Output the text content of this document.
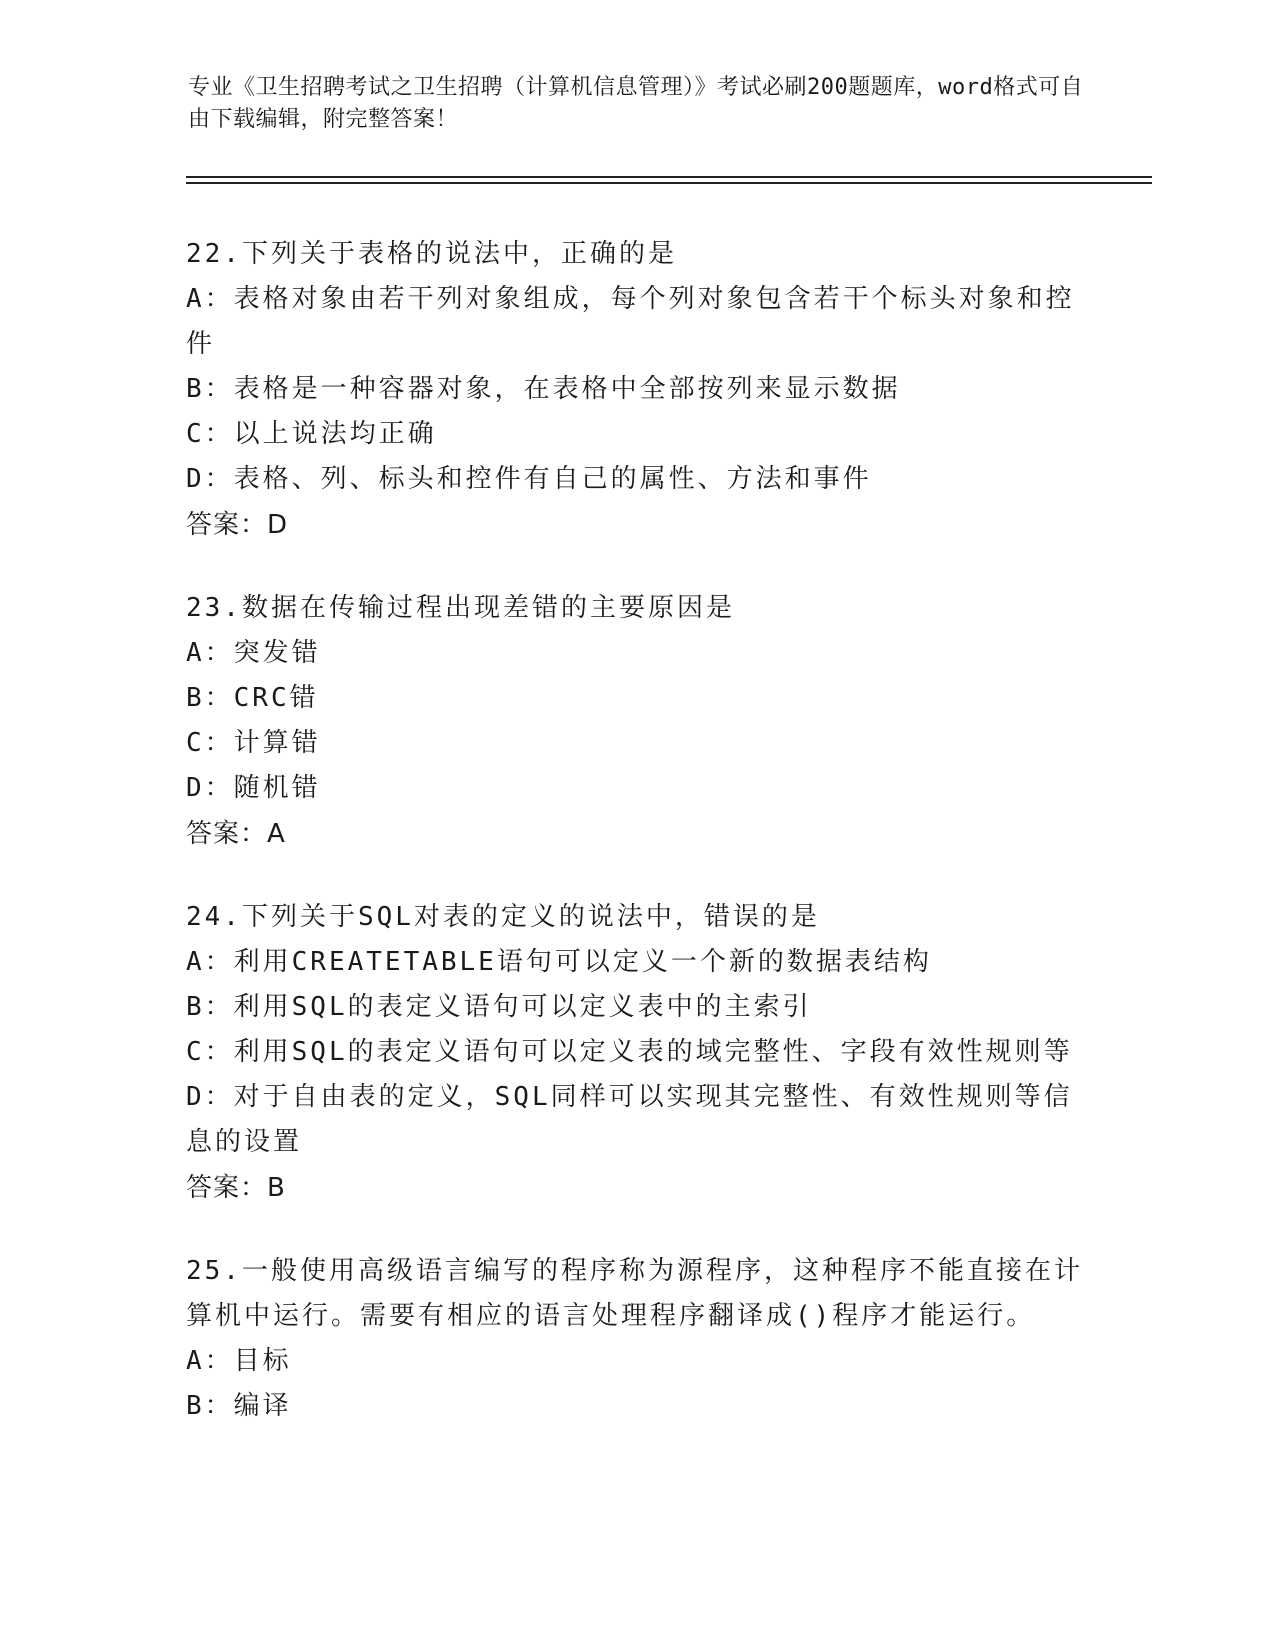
专业《卫生招聘考试之卫生招聘（计算机信息管理）》考试必刷200题题库，word格式可自由下载编辑，附完整答案！
22.下列关于表格的说法中，正确的是
A：表格对象由若干列对象组成，每个列对象包含若干个标头对象和控件
B：表格是一种容器对象，在表格中全部按列来显示数据
C：以上说法均正确
D：表格、列、标头和控件有自己的属性、方法和事件
答案：D
23.数据在传输过程出现差错的主要原因是
A：突发错
B：CRC错
C：计算错
D：随机错
答案：A
24.下列关于SQL对表的定义的说法中，错误的是
A：利用CREATETABLE语句可以定义一个新的数据表结构
B：利用SQL的表定义语句可以定义表中的主索引
C：利用SQL的表定义语句可以定义表的域完整性、字段有效性规则等
D：对于自由表的定义，SQL同样可以实现其完整性、有效性规则等信息的设置
答案：B
25.一般使用高级语言编写的程序称为源程序，这种程序不能直接在计算机中运行。需要有相应的语言处理程序翻译成()程序才能运行。
A：目标
B：编译
